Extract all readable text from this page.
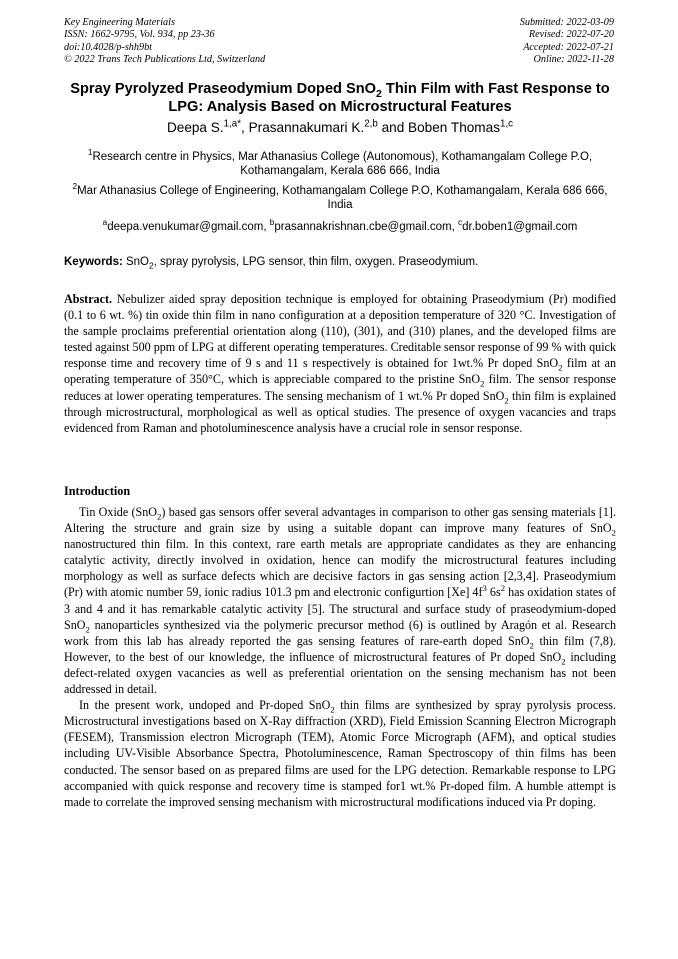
Key Engineering Materials
ISSN: 1662-9795, Vol. 934, pp 23-36
doi:10.4028/p-shh9bt
© 2022 Trans Tech Publications Ltd, Switzerland
Submitted: 2022-03-09
Revised: 2022-07-20
Accepted: 2022-07-21
Online: 2022-11-28
Spray Pyrolyzed Praseodymium Doped SnO$_2$ Thin Film with Fast Response to LPG: Analysis Based on Microstructural Features
Deepa S.$^{1,a*}$, Prasannakumari K.$^{2,b}$ and Boben Thomas$^{1,c}$
$^1$Research centre in Physics, Mar Athanasius College (Autonomous), Kothamangalam College P.O, Kothamangalam, Kerala 686 666, India
$^2$Mar Athanasius College of Engineering, Kothamangalam College P.O, Kothamangalam, Kerala 686 666, India
$^a$deepa.venukumar@gmail.com, $^b$prasannakrishnan.cbe@gmail.com, $^c$dr.boben1@gmail.com
Keywords: SnO$_2$, spray pyrolysis, LPG sensor, thin film, oxygen. Praseodymium.
Abstract. Nebulizer aided spray deposition technique is employed for obtaining Praseodymium (Pr) modified (0.1 to 6 wt. %) tin oxide thin film in nano configuration at a deposition temperature of 320 °C. Investigation of the sample proclaims preferential orientation along (110), (301), and (310) planes, and the developed films are tested against 500 ppm of LPG at different operating temperatures. Creditable sensor response of 99 % with quick response time and recovery time of 9 s and 11 s respectively is obtained for 1wt.% Pr doped SnO$_2$ film at an operating temperature of 350°C, which is appreciable compared to the pristine SnO$_2$ film. The sensor response reduces at lower operating temperatures. The sensing mechanism of 1 wt.% Pr doped SnO$_2$ thin film is explained through microstructural, morphological as well as optical studies. The presence of oxygen vacancies and traps evidenced from Raman and photoluminescence analysis have a crucial role in sensor response.
Introduction

Tin Oxide (SnO$_2$) based gas sensors offer several advantages in comparison to other gas sensing materials [1]. Altering the structure and grain size by using a suitable dopant can improve many features of SnO$_2$ nanostructured thin film. In this context, rare earth metals are appropriate candidates as they are enhancing catalytic activity, directly involved in oxidation, hence can modify the microstructural features including morphology as well as surface defects which are decisive factors in gas sensing action [2,3,4]. Praseodymium (Pr) with atomic number 59, ionic radius 101.3 pm and electronic configurtion [Xe] $4f^3$ $6s^2$ has oxidation states of 3 and 4 and it has remarkable catalytic activity [5]. The structural and surface study of praseodymium-doped SnO$_2$ nanoparticles synthesized via the polymeric precursor method (6) is outlined by Aragón et al. Research work from this lab has already reported the gas sensing features of rare-earth doped SnO$_2$ thin film (7,8). However, to the best of our knowledge, the influence of microstructural features of Pr doped SnO$_2$ including defect-related oxygen vacancies as well as preferential orientation on the sensing mechanism has not been addressed in detail.

In the present work, undoped and Pr-doped SnO$_2$ thin films are synthesized by spray pyrolysis process. Microstructural investigations based on X-Ray diffraction (XRD), Field Emission Scanning Electron Micrograph (FESEM), Transmission electron Micrograph (TEM), Atomic Force Micrograph (AFM), and optical studies including UV-Visible Absorbance Spectra, Photoluminescence, Raman Spectroscopy of thin films has been conducted. The sensor based on as prepared films are used for the LPG detection. Remarkable response to LPG accompanied with quick response and recovery time is stamped for1 wt.% Pr-doped film. A humble attempt is made to correlate the improved sensing mechanism with microstructural modifications induced via Pr doping.
